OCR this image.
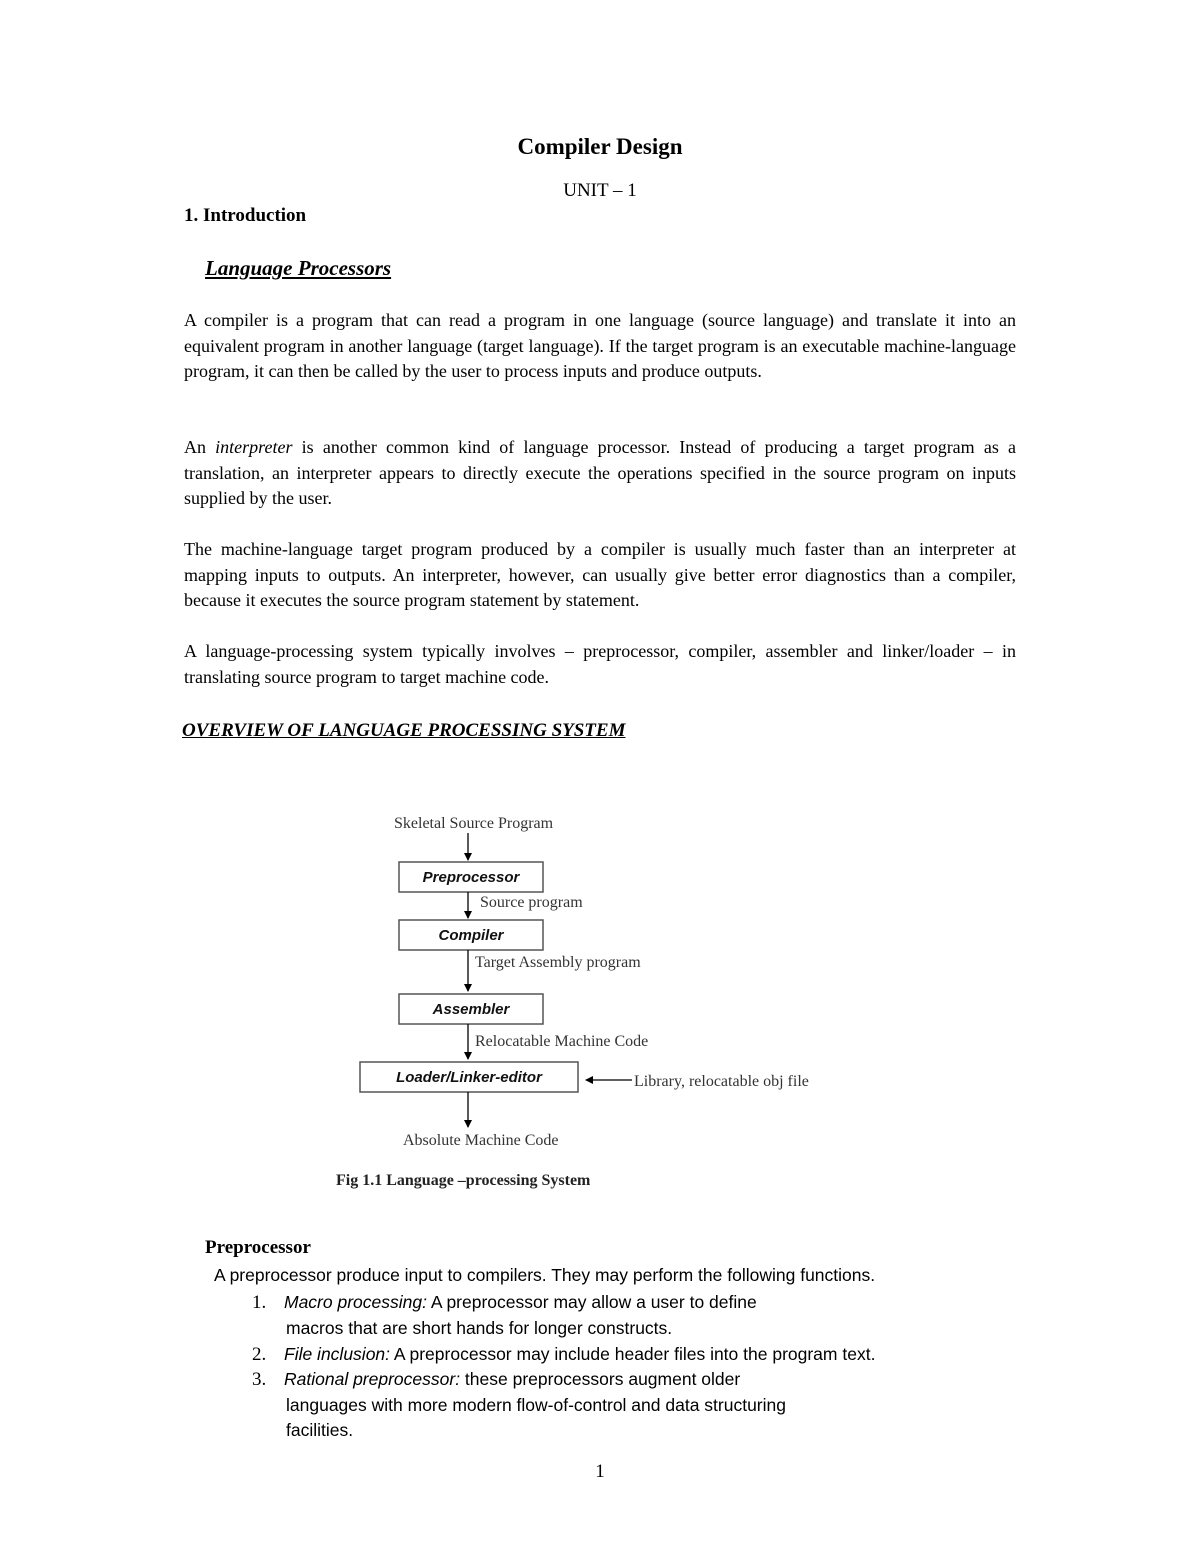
Compiler Design
UNIT – 1
1. Introduction
Language Processors
A compiler is a program that can read a program in one language (source language) and translate it into an equivalent program in another language (target language). If the target program is an executable machine-language program, it can then be called by the user to process inputs and produce outputs.
An interpreter is another common kind of language processor. Instead of producing a target program as a translation, an interpreter appears to directly execute the operations specified in the source program on inputs supplied by the user.
The machine-language target program produced by a compiler is usually much faster than an interpreter at mapping inputs to outputs. An interpreter, however, can usually give better error diagnostics than a compiler, because it executes the source program statement by statement.
A language-processing system typically involves – preprocessor, compiler, assembler and linker/loader – in translating source program to target machine code.
OVERVIEW OF LANGUAGE PROCESSING SYSTEM
Skeletal Source Program
Preprocessor
Source program
Compiler
Target Assembly program
Assembler
Relocatable Machine Code
Loader/Linker-editor	Library, relocatable obj file
Absolute Machine Code
Fig 1.1 Language –processing System
Preprocessor
A preprocessor produce input to compilers. They may perform the following functions.
1. Macro processing: A preprocessor may allow a user to define
macros that are short hands for longer constructs.
2. File inclusion: A preprocessor may include header files into the program text.
3. Rational preprocessor: these preprocessors augment older
languages with more modern flow-of-control and data structuring
facilities.
1
